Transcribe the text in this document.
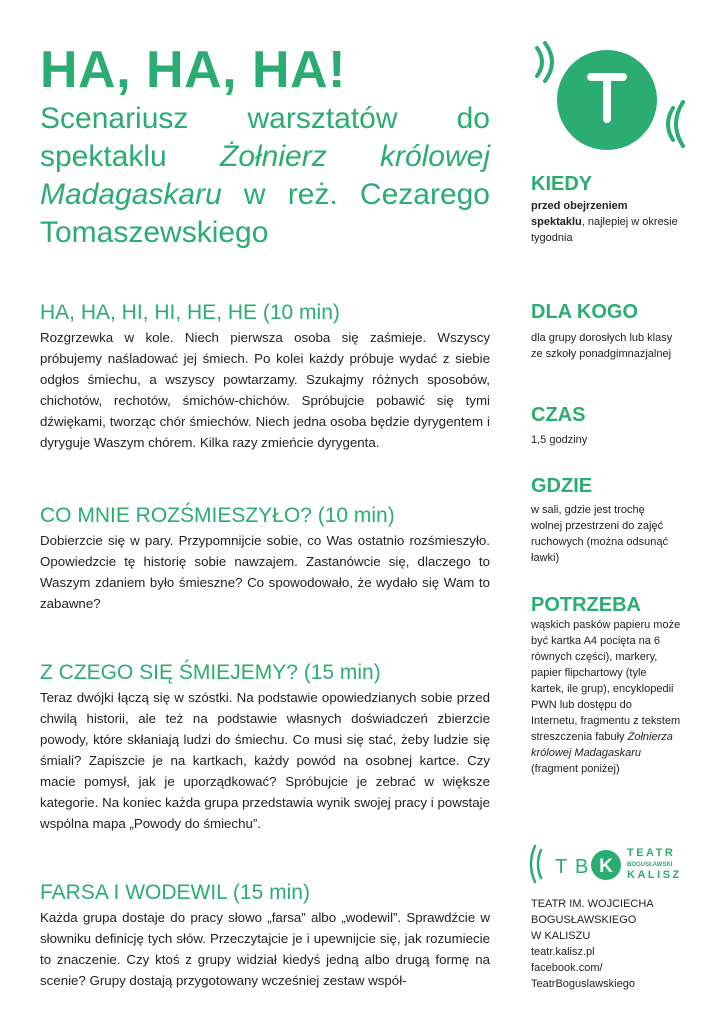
HA, HA, HA!
Scenariusz warsztatów do spektaklu Żołnierz królowej Madagaskaru w reż. Cezarego Tomaszewskiego
HA, HA, HI, HI, HE, HE (10 min)

Rozgrzewka w kole. Niech pierwsza osoba się zaśmieje. Wszyscy próbujemy naśladować jej śmiech. Po kolei każdy próbuje wydać z siebie odgłos śmiechu, a wszyscy powtarzamy. Szukajmy różnych sposobów, chichotów, rechotów, śmichów-chichów. Spróbujcie pobawić się tymi dźwiękami, tworząc chór śmiechów. Niech jedna osoba będzie dyrygentem i dyryguje Waszym chórem. Kilka razy zmieńcie dyrygenta.

CO MNIE ROZŚMIESZYŁO? (10 min)

Dobierzcie się w pary. Przypomnijcie sobie, co Was ostatnio rozśmieszyło. Opowiedzcie tę historię sobie nawzajem. Zastanówcie się, dlaczego to Waszym zdaniem było śmieszne? Co spowodowało, że wydało się Wam to zabawne?

Z CZEGO SIĘ ŚMIEJEMY? (15 min)

Teraz dwójki łączą się w szóstki. Na podstawie opowiedzianych sobie przed chwilą historii, ale też na podstawie własnych doświadczeń zbierzcie powody, które skłaniają ludzi do śmiechu. Co musi się stać, żeby ludzie się śmiali? Zapiszcie je na kartkach, każdy powód na osobnej kartce. Czy macie pomysł, jak je uporządkować? Spróbujcie je zebrać w większe kategorie. Na koniec każda grupa przedstawia wynik swojej pracy i powstaje wspólna mapa „Powody do śmiechu”.

FARSA I WODEWIL (15 min)

Każda grupa dostaje do pracy słowo „farsa” albo „wodewil”. Sprawdźcie w słowniku definicję tych słów. Przeczytajcie je i upewnijcie się, jak rozumiecie to znaczenie. Czy ktoś z grupy widział kiedyś jedną albo drugą formę na scenie? Grupy dostają przygotowany wcześniej zestaw współ-

KIEDY

przed obejrzeniem spektaklu, najlepiej w okresie tygodnia

DLA KOGO

dla grupy dorosłych lub klasy ze szkoły ponadgimnazjalnej

CZAS

1,5 godziny

GDZIE

w sali, gdzie jest trochę wolnej przestrzeni do zajęć ruchowych (można odsunąć ławki)

POTRZEBA

wąskich pasków papieru może być kartka A4 pocięta na 6 równych części), markery, papier flipchartowy (tyle kartek, ile grup), encyklopedii PWN lub dostępu do Internetu, fragmentu z tekstem streszczenia fabuły Żołnierza królowej Madagaskaru (fragment poniżej)

T B K
TEATR
BOGUSŁAWSKI
KALISZ
TEATR IM. WOJCIECHA
BOGUSŁAWSKIEGO
W KALISZU
teatr.kalisz.pl
facebook.com/
TeatrBoguslawskiego
